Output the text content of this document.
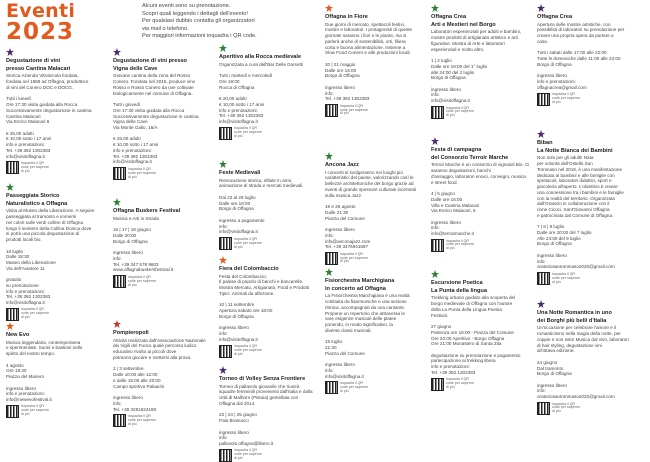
Eventi
2023
Alcuni eventi sono su prenotazione.
Scopri quali leggendo i dettagli dell'evento!
Per qualsiasi dubbio contatta gli organizzatori
via mail o telefono.
Per maggiori informazioni inquadra i QR code.
Degustazione di vini
presso Cantina Malacari
Storica Azienda Vitivinicola fondata,
fondata nel 1868 ad Offagna, produttrice
di vini del Conero DOC e DOCG.

Tutti i lunedì
Ore 17:30 visita guidata alla Rocca
Successivamente degustazione in cantina
Cantina Malacari
Via Enrico Malacari 6

€ 25,00 adulti
€ 10,00 sotto i 17 anni
info e prenotazioni:
Tel. +39 392 1302383
info@visitoffagna.it
inquadra il QR code per saperne di più
Passeggiata Storico
Naturalistico a Offagna
Visita al Museo della Liberazione. A seguire
passeggiata al tramonto e immersi
nei colori sulle verdi colline di Offagna
lungo il sentiero della Collina Donica dove
si potrà una piccola degustazione di
prodotti locali bio.

18 luglio
Dalle 18:30
Museo della Liberazione
Via dell'Aviatore 11

gratuito
su prenotazione
info e prenotazioni:
Tel. +39 392 1302383
info@visitoffagna.it
inquadra il QR code per saperne di più
New Evo
Musica leggendaria, contemporanea
e sperimentale. Suoni e bastioni nello
spirito del nostro tempo.

4 agosto
Ore 18:30
Piazza del Mariero

ingresso libero
info e prenotazioni:
info@newevofestival.it
inquadra il QR code per saperne di più
Degustazione di vini presso
Vigna delle Cave
Giovane cantina della zona del Rosso
Conero. Fondata nel 2015, produce vino
Rosso e Rosso Conero da uve coltivate
biologicamente nel comune di Offagna.

Tutti i giovedì
Ore 17:30 visita guidata alla Rocca
Successivamente degustazione in cantina
Vigna delle Cave
Via Monte Gallo, 15/A

€ 25,00 adulti
€ 10,00 sotto i 17 anni
info e prenotazioni:
Tel. +39 392 1302383
info@visitoffagna.it
inquadra il QR code per saperne di più
Offagna Buskers Festival
Musica e Arti in Strada

16 | 17 | 18 giugno
Dalle 20:00
Borgo di Offagna

ingresso libero
info:
Tel. +39 347 578 9603
www.offagnabuskersfestival.it
inquadra il QR code per saperne di più
Pompieropoli
Attività realizzata dall'Associazione Nazionale
dei Vigili del Fuoco quale percorso ludico
educativo rivolto ai piccoli dove
potranno giocare e mettersi alla prova.

2 | 3 settembre
Dalle 10:00 alle 12:00
e dalle 15:00 alle 20:00
Campo sportivo Palaachi

ingresso libero
info:
Tel. +39 3281624188
inquadra il QR code per saperne di più
Aperitivo alla Rocca medievale
Organizzata a cura dell'Bar Delle Dorsetti

Tutti i martedì e mercoledì
Ore 19:00
Rocca di Offagna

€ 20,00 adulti
€ 10,00 sotto i 17 anni
info e prenotazioni:
Tel. +39 392 1302383
info@visitoffagna.it
inquadra il QR code per saperne di più
Feste Medievali
Rievocazione storica, sfilate in armi,
animazione di strada e mercati medievali.

Dal 22 al 29 luglio
Dalle ore 18:00
Borgo di Offagna

ingresso a pagamento
info:
info@visitoffagna.it
inquadra il QR code per saperne di più
Fiera del Colombaccio
Festa del Colombaccio,
Il palese di popolo di banchi e bancarelle.
Mostra Mercato, Artigianato, Food e Prodotti
Tipici. Animali da affezione.

10 | 11 settembre
Apertura sabato ore 18:00
Borgo di Offagna

ingresso libero
info:
info@visitoffagna.it
inquadra il QR code per saperne di più
Torneo di Volley Senza Frontiere
Torneo di pallavolo giovanile che riunirà
squadre femminili provenienti dall'Italia e dalla
città di Malborn (Pistoia) gemellata con
Offagna dal 2014.

23 | 24 | 25 giugno
Pala Bramucci

ingresso libero
info:
pallavolo.offagna@libero.it
inquadra il QR code per saperne di più
Offagna in Fiore
Due giorni di mercato, spettacoli festivi,
mostre e laboratori. I protagonisti di queste
giornate saranno i fiori e le piante, ma si
parlerà anche di sostenibilità, orti, filiera
corta e buona alimentazione. Insieme a
Slow Food Conero e alle produzioni locali.

20 | 21 maggio
Dalle ore 16:00
Borgo di Offagna

ingresso libero
info:
Tel. +39 392 1302383
inquadra il QR code per saperne di più
Ancona Jazz
I concerti si svolgeranno nei luoghi più
caratteristici del paese, valorizzando così le
bellezze architettoniche del borgo grazie ad
eventi di grande spessore culturale incentrati
sulla musica Jazz.

19 e 26 agosto
Dalle 21:30
Piazza del Comune

ingresso libero
info:
info@anconajazz.com
Tel. +39 3476941597
inquadra il QR code per saperne di più
Fisiorchestra Marchigiana
in concerto ad Offagna
La Fisiorchestra Marchigiana è una realtà
costituita da fisarmoniche e una sezione
ritmica, accompagnati da una cantante.
Propone un repertorio che attraversa le
vare esigenze musicali delle platee
ponendo, in modo significativo, la
diverse classi musicali.

15 luglio
21:30
Piazza del Comune

ingresso libero
info:
info@visitoffagna.it
inquadra il QR code per saperne di più
Offagna Crea
Arti e Mestieri nel Borgo
Laboratori esperienziali per adulti e bambini,
mostre prodotti di artigianato artistico e arti
figurative. Mostra di Arte e laboratori
esperienziali e molto altro.

1 | 2 luglio
Dalle ore 18:00 del 1° luglio
alle 24:00 del 2 luglio
Borgo di Offagna

ingresso libero
info:
info@visitoffagna.it
inquadra il QR code per saperne di più
Festa di campagna
del Consorzio Terroir Marche
Terroir Marche è un consorzio di vignaioli Bio. Ci
saranno degustazioni, banchi
d'assaggio, laboratori enoici, convegni, musica
e street food.

4 | 5 giugno
Dalle ore 16:00
Villa e Cantina Malacari
Via Enrico Malacari, 6

ingresso libero
info:
info@terroirmarche.it
inquadra il QR code per saperne di più
Escursione Poetica
La Punta della lingua
Trekking urbano guidato alla scoperta del
borgo medievale di Offagna con l'autore
della La Punta della Lingua Poesia
Festival.

27 giugno
Partenza ore 18:00 - Piazza del Comune
Ore 20:00 Aperitivo - Borgo Offagna
Ore 21:00 Monastero di Santa Zita

degustazione su prenotazione e pagamento
partecipazione al trekking libera
info e prenotazioni:
Tel. +39 392 1302383
inquadra il QR code per saperne di più
Offagna Crea
Apertura delle mostre artistiche, con
possibilità di laboratori su prenotazione per
creare una propria opera da portare a
casa.

Tutti i sabati dalle 17:00 alle 22:00
Tutte le domeniche dalle 11:00 alle 22:00
Borgo di Offagna

ingresso libero
info e prenotazioni:
offagnacrea@gmail.com
inquadra il QR code per saperne di più
Biban
La Notte Bianca dei Bambini
Non solo per gli adulti! Nata
per volontà dell'Ostello Sun
Tommaso nel 2018, è una manifestazione
dedicata ai bambini e alle famiglie con
spettacoli, laboratori didattici, sport e
giocoleria all'aperto. L'obiettivo è creare
una connessione tra i bambini e le famiglie
con la realtà del territorio. Organizzata
dall'Oratorio in collaborazione con il
rione Cicoci, Sant'Giovanni Offagna
e patrocinata dal Comune di Offagna.

7 | 8 | 9 luglio
Dalle ore 20:00 del 7 luglio
Alle 24:00 del 9 luglio
Borgo di Offagna

ingresso libero
info:
oratoriosantommaso2020@gmail.com
inquadra il QR code per saperne di più
Una Notte Romantica in uno
dei Borghi più belli d'Italia
Un'occasione per celebrare l'amore e il
romanticismo nella magia della notte, per
coppie e non solo! Musica dal vivo, laboratori
di hair styling, degustazione vini
all'ottava edizione.

24 giugno
Dal tramonto
Borgo di Offagna

ingresso libero
info:
oratoriosantommaso2020@gmail.com
inquadra il QR code per saperne di più
